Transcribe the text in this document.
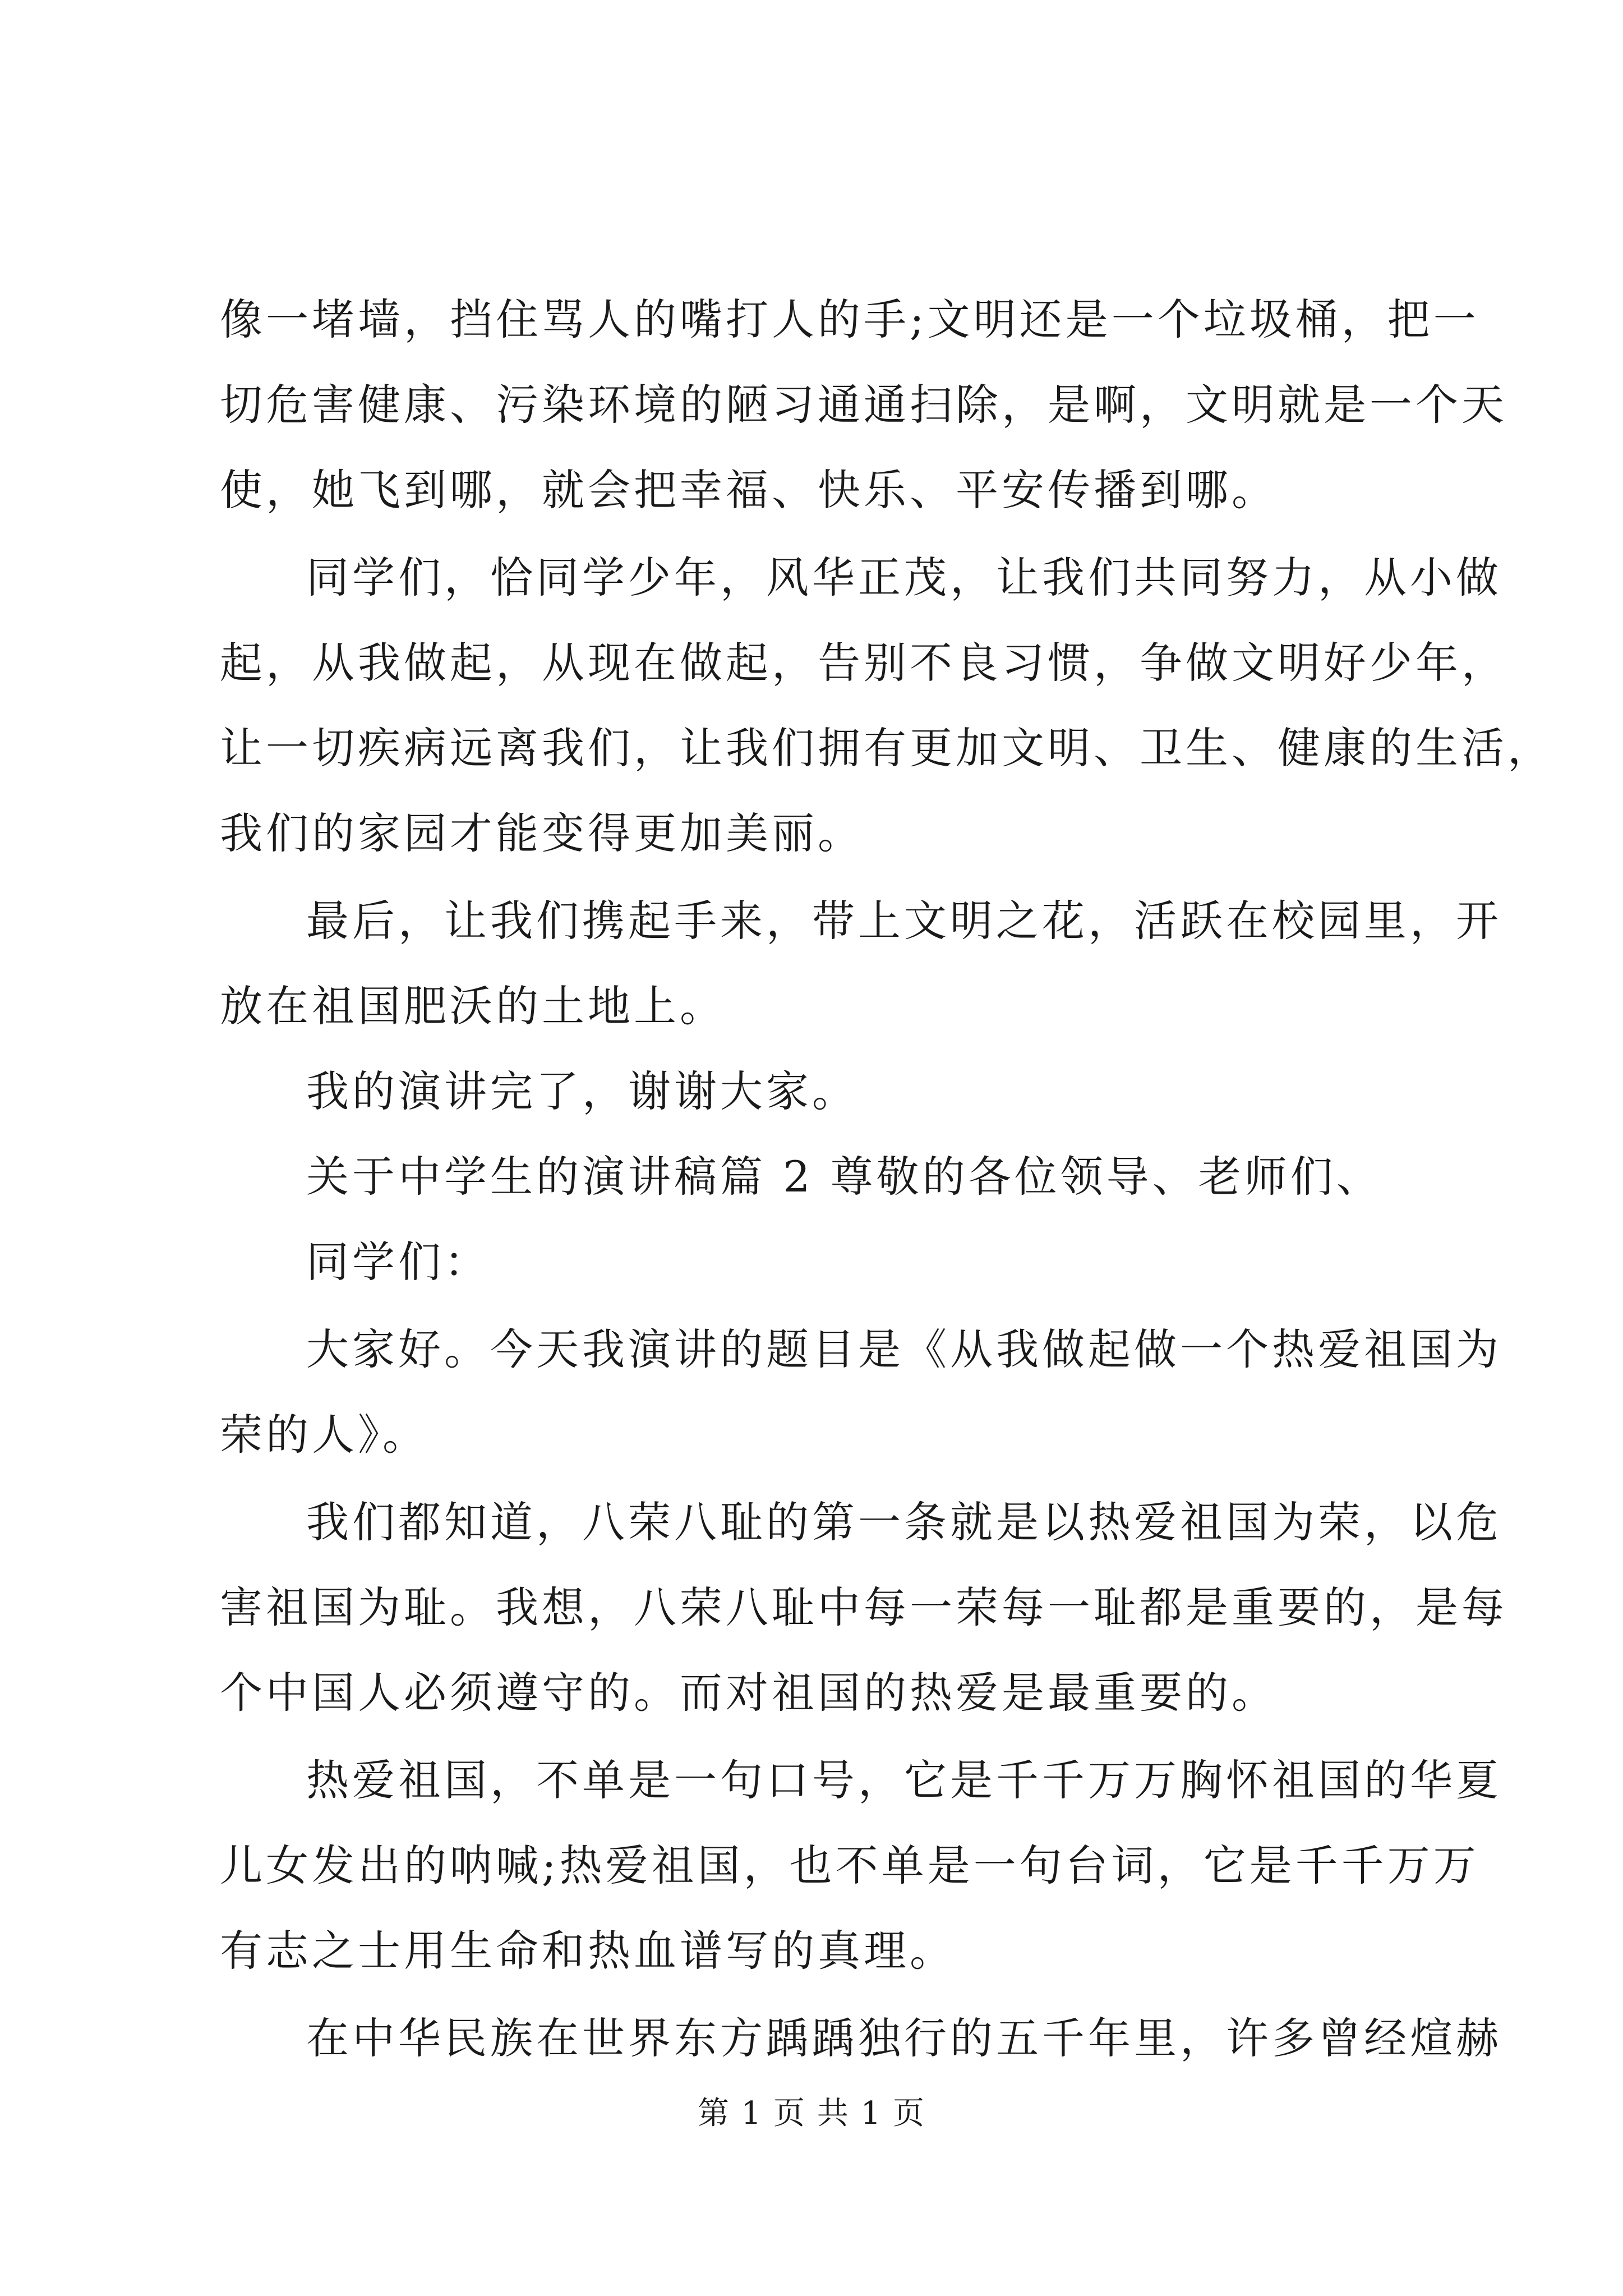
像一堵墙，挡住骂人的嘴打人的手;文明还是一个垃圾桶，把一
切危害健康、污染环境的陋习通通扫除，是啊，文明就是一个天
使，她飞到哪，就会把幸福、快乐、平安传播到哪。
同学们，恰同学少年，风华正茂，让我们共同努力，从小做
起，从我做起，从现在做起，告别不良习惯，争做文明好少年，
让一切疾病远离我们，让我们拥有更加文明、卫生、健康的生活，
我们的家园才能变得更加美丽。
最后，让我们携起手来，带上文明之花，活跃在校园里，开
放在祖国肥沃的土地上。
我的演讲完了，谢谢大家。
关于中学生的演讲稿篇 2 尊敬的各位领导、老师们、
同学们：
大家好。今天我演讲的题目是《从我做起做一个热爱祖国为
荣的人》。
我们都知道，八荣八耻的第一条就是以热爱祖国为荣，以危
害祖国为耻。我想，八荣八耻中每一荣每一耻都是重要的，是每
个中国人必须遵守的。而对祖国的热爱是最重要的。
热爱祖国，不单是一句口号，它是千千万万胸怀祖国的华夏
儿女发出的呐喊;热爱祖国，也不单是一句台词，它是千千万万
有志之士用生命和热血谱写的真理。
在中华民族在世界东方踽踽独行的五千年里，许多曾经煊赫
第 1 页 共 1 页
